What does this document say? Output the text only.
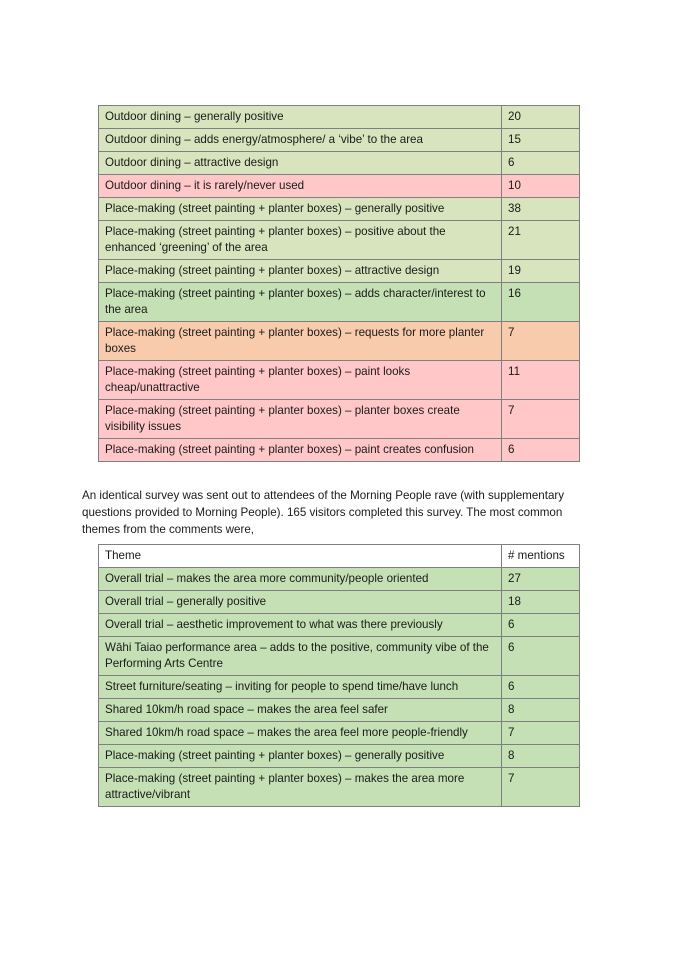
Outdoor dining – generally positive	20
Outdoor dining – adds energy/atmosphere/ a ‘vibe’ to the area	15
Outdoor dining – attractive design	6
Outdoor dining – it is rarely/never used	10
Place-making (street painting + planter boxes) – generally positive	38
Place-making (street painting + planter boxes) – positive about the enhanced ‘greening’ of the area	21
Place-making (street painting + planter boxes) – attractive design	19
Place-making (street painting + planter boxes) – adds character/interest to the area	16
Place-making (street painting + planter boxes) – requests for more planter boxes	7
Place-making (street painting + planter boxes) – paint looks cheap/unattractive	11
Place-making (street painting + planter boxes) – planter boxes create visibility issues	7
Place-making (street painting + planter boxes) – paint creates confusion	6

An identical survey was sent out to attendees of the Morning People rave (with supplementary questions provided to Morning People). 165 visitors completed this survey. The most common themes from the comments were,

Theme	# mentions
Overall trial – makes the area more community/people oriented	27
Overall trial – generally positive	18
Overall trial – aesthetic improvement to what was there previously	6
Wāhi Taiao performance area – adds to the positive, community vibe of the Performing Arts Centre	6
Street furniture/seating – inviting for people to spend time/have lunch	6
Shared 10km/h road space – makes the area feel safer	8
Shared 10km/h road space – makes the area feel more people-friendly	7
Place-making (street painting + planter boxes) – generally positive	8
Place-making (street painting + planter boxes) – makes the area more attractive/vibrant	7
